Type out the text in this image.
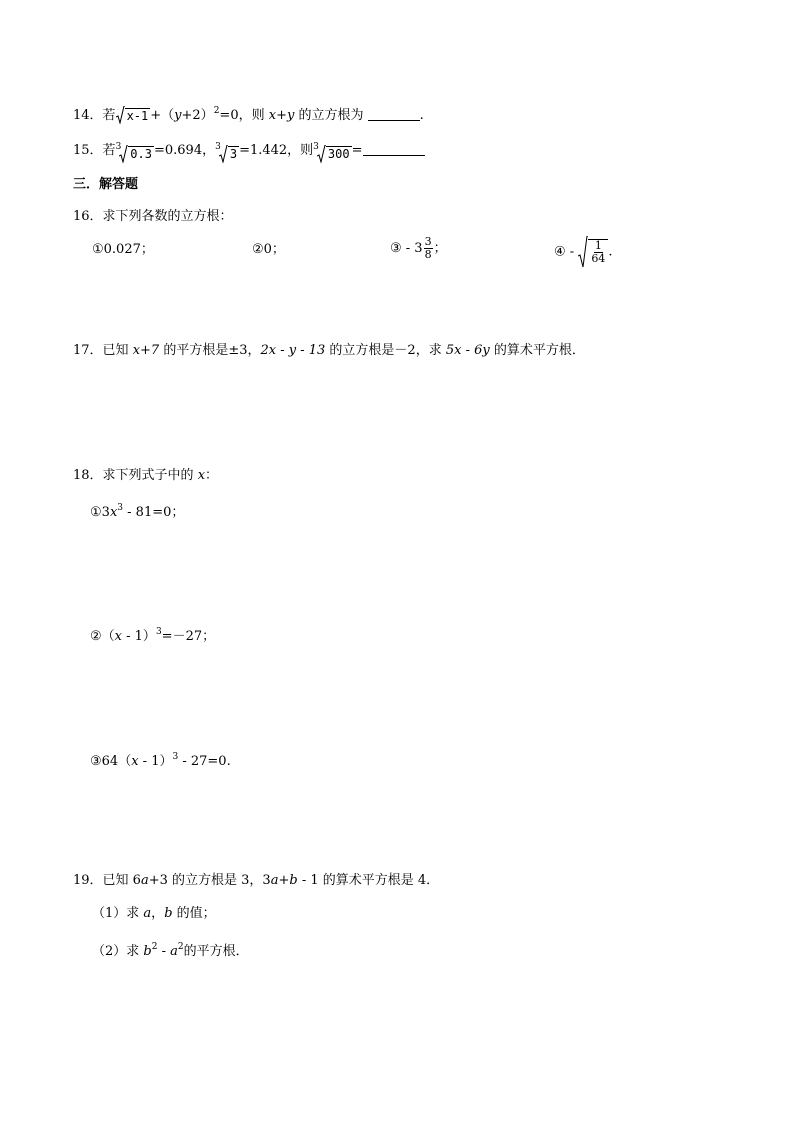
14．若 $x-1 +(y+2)^2=0$，则 x+y 的立方根为	.
15．若$^3$ 0.3 =0.694，$^3$ 3 =1.442，则$^3$ 300 =
三．解答题
16．求下列各数的立方根：
①0.027；	②0；	③ - $3 \frac{3}{8}$ ；	④ - $\frac{1}{64}$ .
17．已知 x+7 的平方根是±3，2x - y - 13 的立方根是－2，求 5x - 6y 的算术平方根．
18．求下列式子中的 x：
$①3x^3 - 81=0$；
②（x - 1）$^3$=－27；
③64（x - 1）$^3$ - 27=0.
19．已知 6a+3 的立方根是 3，3a+b - 1 的算术平方根是 4．
（1）求 a，b 的值；
（2）求 $b^2 - a^2$的平方根．
